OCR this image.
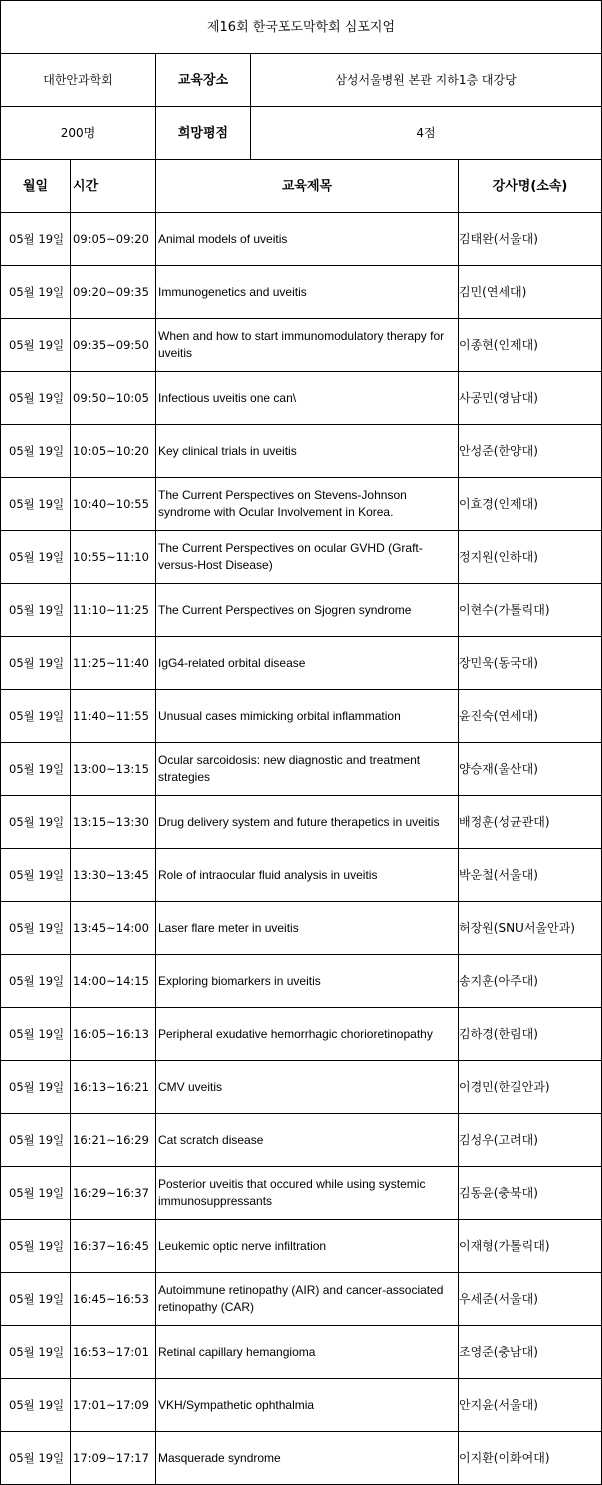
제16회 한국포도막학회 심포지엄				
대한안과학회		교육장소	삼성서울병원 본관 지하1층 대강당	
200명		희망평점	4점	
월일	시간	교육제목		강사명(소속)
05월 19일	09:05~09:20	Animal models of uveitis		김태완(서울대)
05월 19일	09:20~09:35	Immunogenetics and uveitis		김민(연세대)
05월 19일	09:35~09:50	When and how to start immunomodulatory therapy for uveitis		이종현(인제대)
05월 19일	09:50~10:05	Infectious uveitis one can\		사공민(영남대)
05월 19일	10:05~10:20	Key clinical trials in uveitis		안성준(한양대)
05월 19일	10:40~10:55	The Current Perspectives on Stevens-Johnson syndrome with Ocular Involvement in Korea.		이효경(인제대)
05월 19일	10:55~11:10	The Current Perspectives on ocular GVHD (Graft-versus-Host Disease)		정지원(인하대)
05월 19일	11:10~11:25	The Current Perspectives on Sjogren syndrome		이현수(가톨릭대)
05월 19일	11:25~11:40	IgG4-related orbital disease		장민욱(동국대)
05월 19일	11:40~11:55	Unusual cases mimicking orbital inflammation		윤진숙(연세대)
05월 19일	13:00~13:15	Ocular sarcoidosis: new diagnostic and treatment strategies		양승재(울산대)
05월 19일	13:15~13:30	Drug delivery system and future therapetics in uveitis		배정훈(성균관대)
05월 19일	13:30~13:45	Role of intraocular fluid analysis in uveitis		박운철(서울대)
05월 19일	13:45~14:00	Laser flare meter in uveitis		허장원(SNU서울안과)
05월 19일	14:00~14:15	Exploring biomarkers in uveitis		송지훈(아주대)
05월 19일	16:05~16:13	Peripheral exudative hemorrhagic chorioretinopathy		김하경(한림대)
05월 19일	16:13~16:21	CMV uveitis		이경민(한길안과)
05월 19일	16:21~16:29	Cat scratch disease		김성우(고려대)
05월 19일	16:29~16:37	Posterior uveitis that occured while using systemic immunosuppressants		김동윤(충북대)
05월 19일	16:37~16:45	Leukemic optic nerve infiltration		이재형(가톨릭대)
05월 19일	16:45~16:53	Autoimmune retinopathy (AIR) and cancer-associated retinopathy (CAR)		우세준(서울대)
05월 19일	16:53~17:01	Retinal capillary hemangioma		조영준(충남대)
05월 19일	17:01~17:09	VKH/Sympathetic ophthalmia		안지윤(서울대)
05월 19일	17:09~17:17	Masquerade syndrome		이지환(이화여대)
